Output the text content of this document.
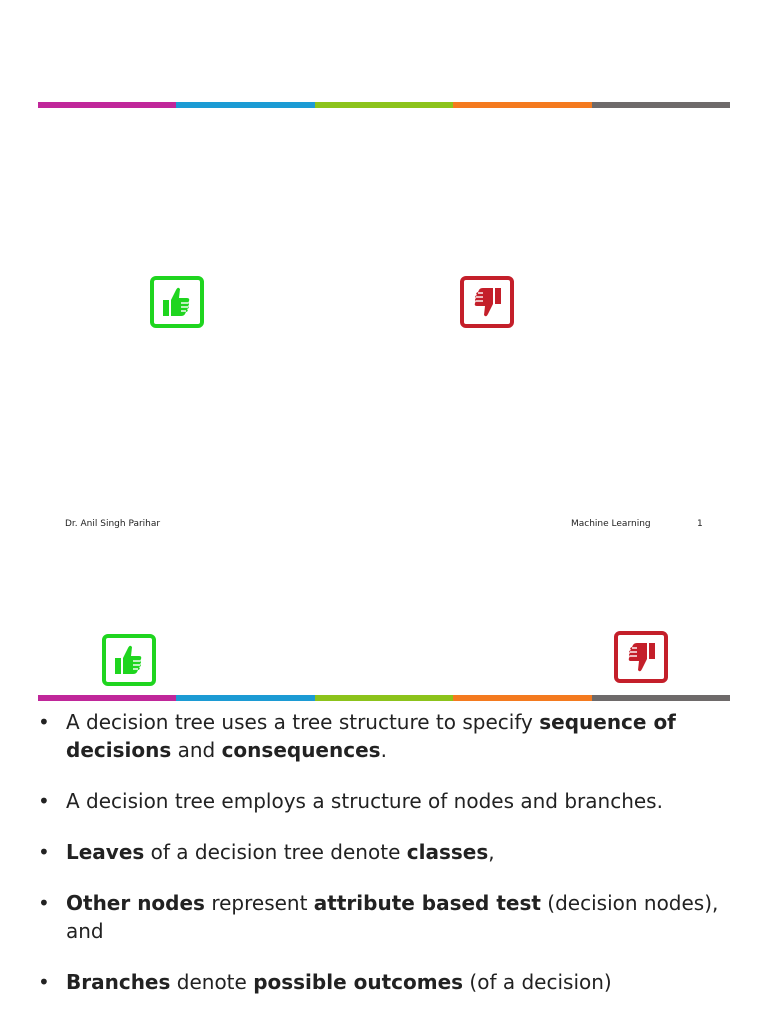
Dr. Anil Singh Parihar	Machine Learning	1
• A decision tree uses a tree structure to specify sequence of decisions and consequences.
• A decision tree employs a structure of nodes and branches.
• Leaves of a decision tree denote classes,
• Other nodes represent attribute based test (decision nodes), and
• Branches denote possible outcomes (of a decision)
